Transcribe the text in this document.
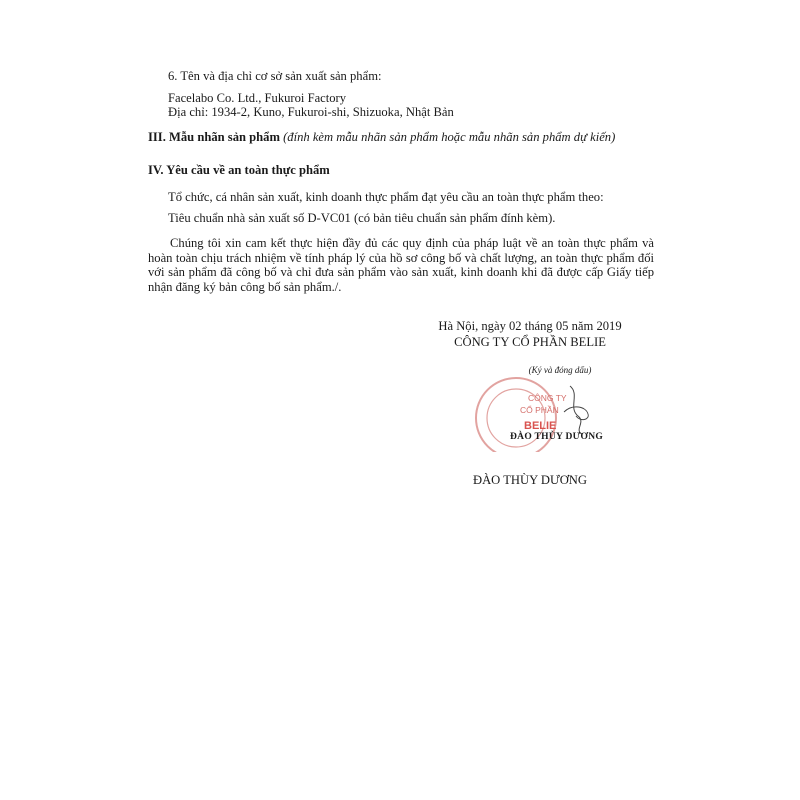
6. Tên và địa chỉ cơ sở sản xuất sản phẩm:
Facelabo Co. Ltd., Fukuroi Factory
Địa chỉ: 1934-2, Kuno, Fukuroi-shi, Shizuoka, Nhật Bản
III. Mẫu nhãn sản phẩm (đính kèm mẫu nhãn sản phẩm hoặc mẫu nhãn sản phẩm dự kiến)
IV. Yêu cầu về an toàn thực phẩm
Tổ chức, cá nhân sản xuất, kinh doanh thực phẩm đạt yêu cầu an toàn thực phẩm theo:
Tiêu chuẩn nhà sản xuất số D-VC01 (có bản tiêu chuẩn sản phẩm đính kèm).
Chúng tôi xin cam kết thực hiện đầy đủ các quy định của pháp luật về an toàn thực phẩm và hoàn toàn chịu trách nhiệm về tính pháp lý của hồ sơ công bố và chất lượng, an toàn thực phẩm đối với sản phẩm đã công bố và chỉ đưa sản phẩm vào sản xuất, kinh doanh khi đã được cấp Giấy tiếp nhận đăng ký bản công bố sản phẩm./.
Hà Nội, ngày 02 tháng 05 năm 2019
CÔNG TY CỔ PHẦN BELIE
(Ký và đóng dấu)
CÔNG TY
CỔ PHẦN
BELIE
ĐÀO THÙY DƯƠNG
ĐÀO THÙY DƯƠNG
